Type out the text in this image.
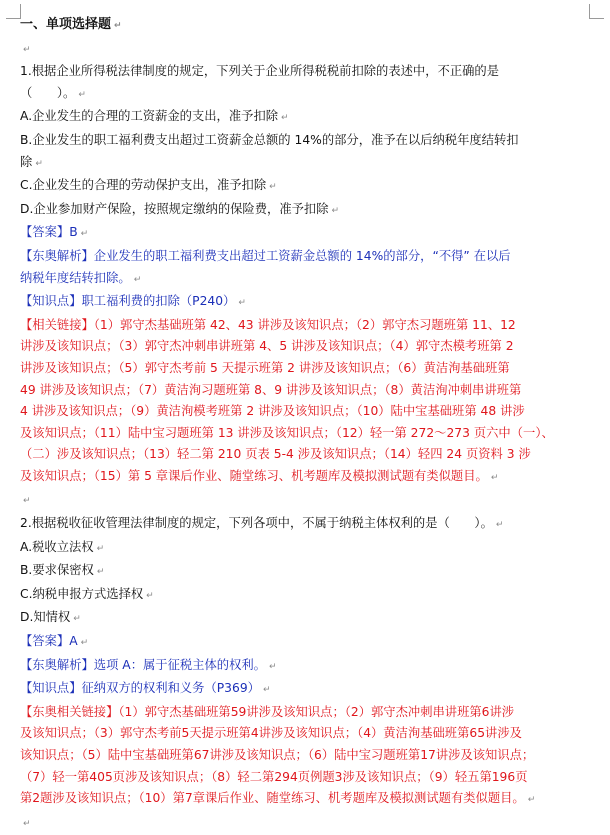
一、单项选择题 ↵
↵
1.根据企业所得税法律制度的规定，下列关于企业所得税税前扣除的表述中，不正确的是
（　　）。 ↵
A.企业发生的合理的工资薪金的支出，准予扣除 ↵
B.企业发生的职工福利费支出超过工资薪金总额的 14%的部分，准予在以后纳税年度结转扣
除 ↵
C.企业发生的合理的劳动保护支出，准予扣除 ↵
D.企业参加财产保险，按照规定缴纳的保险费，准予扣除 ↵
【答案】B ↵
【东奥解析】企业发生的职工福利费支出超过工资薪金总额的 14%的部分，“不得” 在以后
纳税年度结转扣除。 ↵
【知识点】职工福利费的扣除（P240） ↵
【相关链接】（1）郭守杰基础班第 42、43 讲涉及该知识点；（2）郭守杰习题班第 11、12
讲涉及该知识点；（3）郭守杰冲刺串讲班第 4、5 讲涉及该知识点；（4）郭守杰模考班第 2
讲涉及该知识点；（5）郭守杰考前 5 天提示班第 2 讲涉及该知识点；（6）黄洁洵基础班第
49 讲涉及该知识点；（7）黄洁洵习题班第 8、9 讲涉及该知识点；（8）黄洁洵冲刺串讲班第
4 讲涉及该知识点；（9）黄洁洵模考班第 2 讲涉及该知识点；（10）陆中宝基础班第 48 讲涉
及该知识点；（11）陆中宝习题班第 13 讲涉及该知识点；（12）轻一第 272～273 页六中（一）、
（二）涉及该知识点；（13）轻二第 210 页表 5-4 涉及该知识点；（14）轻四 24 页资料 3 涉
及该知识点；（15）第 5 章课后作业、随堂练习、机考题库及模拟测试题有类似题目。 ↵
↵
2.根据税收征收管理法律制度的规定，下列各项中，不属于纳税主体权利的是（　　）。 ↵
A.税收立法权 ↵
B.要求保密权 ↵
C.纳税申报方式选择权 ↵
D.知情权 ↵
【答案】A ↵
【东奥解析】选项 A：属于征税主体的权利。 ↵
【知识点】征纳双方的权利和义务（P369） ↵
【东奥相关链接】（1）郭守杰基础班第59讲涉及该知识点；（2）郭守杰冲刺串讲班第6讲涉
及该知识点；（3）郭守杰考前5天提示班第4讲涉及该知识点；（4）黄洁洵基础班第65讲涉及
该知识点；（5）陆中宝基础班第67讲涉及该知识点；（6）陆中宝习题班第17讲涉及该知识点；
（7）轻一第405页涉及该知识点；（8）轻二第294页例题3涉及该知识点；（9）轻五第196页
第2题涉及该知识点；（10）第7章课后作业、随堂练习、机考题库及模拟测试题有类似题目。 ↵
↵
